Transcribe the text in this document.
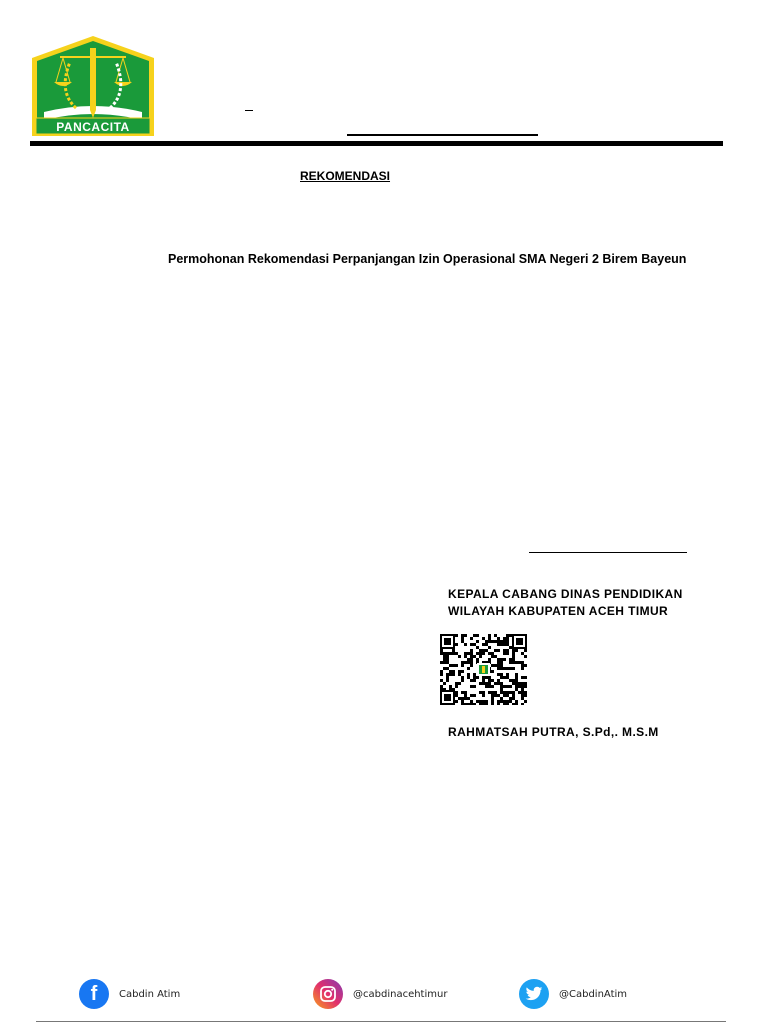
PANCACITA
REKOMENDASI
Permohonan Rekomendasi Perpanjangan Izin Operasional SMA Negeri 2 Birem Bayeun
KEPALA CABANG DINAS PENDIDIKAN
WILAYAH KABUPATEN ACEH TIMUR
RAHMATSAH PUTRA, S.Pd,. M.S.M
f	Cabdin Atim	@cabdinacehtimur	@CabdinAtim
